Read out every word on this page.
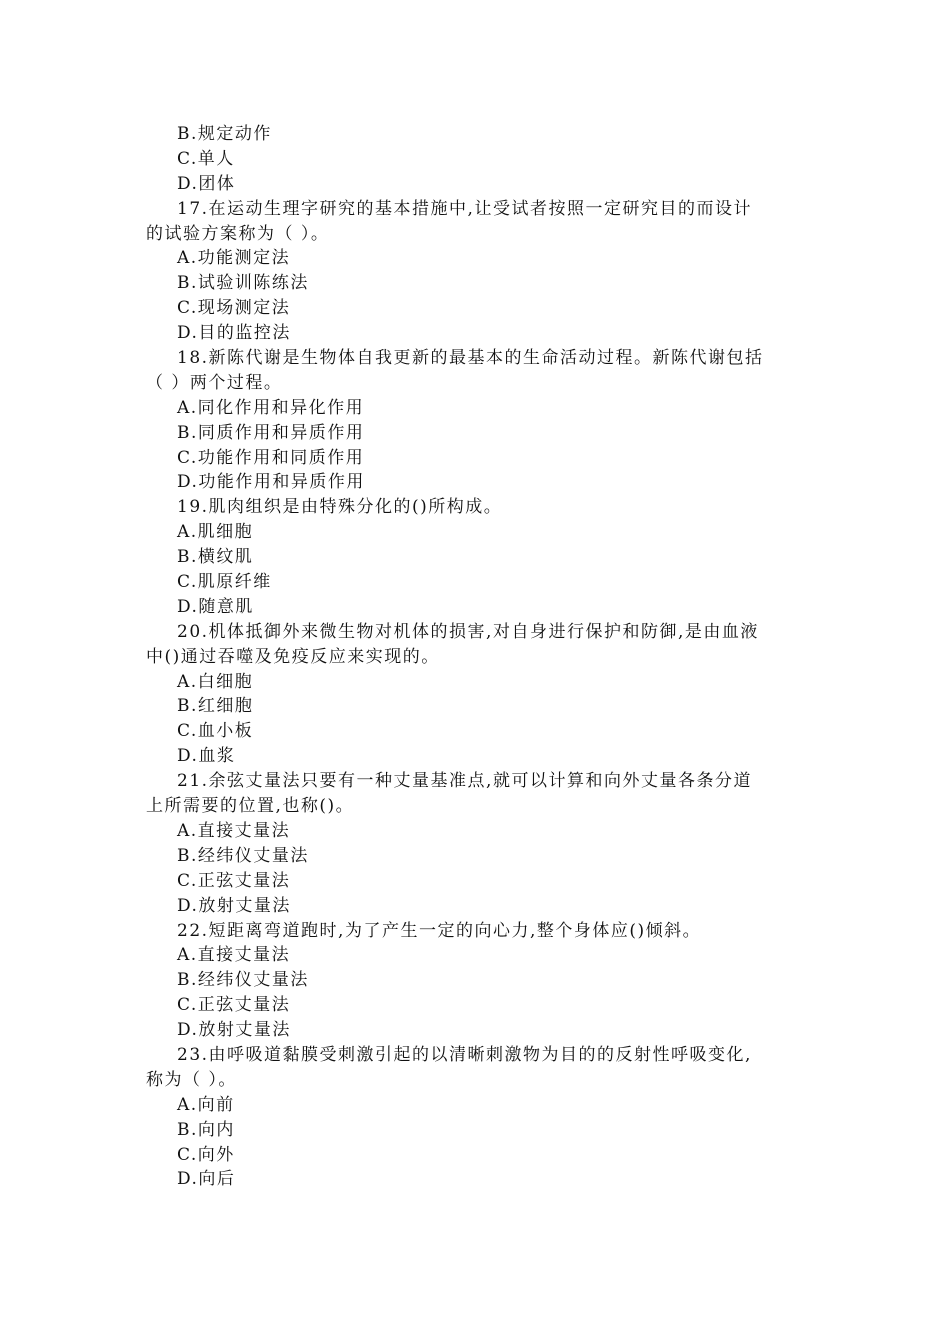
B.规定动作
C.单人
D.团体
17.在运动生理字研究的基本措施中,让受试者按照一定研究目的而设计
的试验方案称为（ ）。
A.功能测定法
B.试验训陈练法
C.现场测定法
D.目的监控法
18.新陈代谢是生物体自我更新的最基本的生命活动过程。新陈代谢包括
（ ）两个过程。
A.同化作用和异化作用
B.同质作用和异质作用
C.功能作用和同质作用
D.功能作用和异质作用
19.肌肉组织是由特殊分化的()所构成。
A.肌细胞
B.横纹肌
C.肌原纤维
D.随意肌
20.机体抵御外来微生物对机体的损害,对自身进行保护和防御,是由血液
中()通过吞噬及免疫反应来实现的。
A.白细胞
B.红细胞
C.血小板
D.血浆
21.余弦丈量法只要有一种丈量基准点,就可以计算和向外丈量各条分道
上所需要的位置,也称()。
A.直接丈量法
B.经纬仪丈量法
C.正弦丈量法
D.放射丈量法
22.短距离弯道跑时,为了产生一定的向心力,整个身体应()倾斜。
A.直接丈量法
B.经纬仪丈量法
C.正弦丈量法
D.放射丈量法
23.由呼吸道黏膜受刺激引起的以清晰刺激物为目的的反射性呼吸变化,
称为（ ）。
A.向前
B.向内
C.向外
D.向后
